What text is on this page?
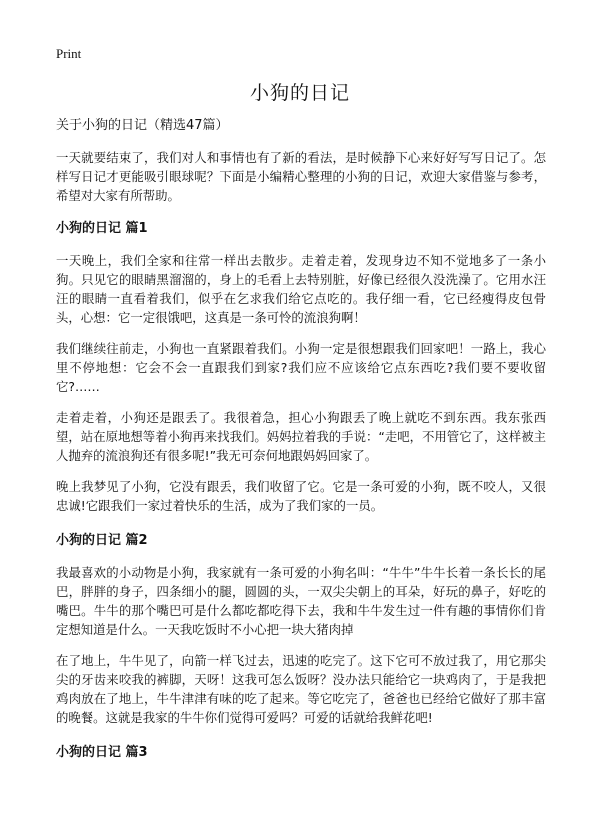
Print
小狗的日记
关于小狗的日记（精选47篇）

一天就要结束了，我们对人和事情也有了新的看法，是时候静下心来好好写写日记了。怎样写日记才更能吸引眼球呢？下面是小编精心整理的小狗的日记，欢迎大家借鉴与参考，希望对大家有所帮助。

小狗的日记 篇1

一天晚上，我们全家和往常一样出去散步。走着走着，发现身边不知不觉地多了一条小狗。只见它的眼睛黑溜溜的，身上的毛看上去特别脏，好像已经很久没洗澡了。它用水汪汪的眼睛一直看着我们，似乎在乞求我们给它点吃的。我仔细一看，它已经瘦得皮包骨头，心想：它一定很饿吧，这真是一条可怜的流浪狗啊！

我们继续往前走，小狗也一直紧跟着我们。小狗一定是很想跟我们回家吧！一路上，我心里不停地想：它会不会一直跟我们到家?我们应不应该给它点东西吃?我们要不要收留它?……

走着走着，小狗还是跟丢了。我很着急，担心小狗跟丢了晚上就吃不到东西。我东张西望，站在原地想等着小狗再来找我们。妈妈拉着我的手说：“走吧，不用管它了，这样被主人抛弃的流浪狗还有很多呢!”我无可奈何地跟妈妈回家了。

晚上我梦见了小狗，它没有跟丢，我们收留了它。它是一条可爱的小狗，既不咬人，又很忠诚!它跟我们一家过着快乐的生活，成为了我们家的一员。

小狗的日记 篇2

我最喜欢的小动物是小狗，我家就有一条可爱的小狗名叫：“牛牛”牛牛长着一条长长的尾巴，胖胖的身子，四条细小的腿，圆圆的头，一双尖尖朝上的耳朵，好玩的鼻子，好吃的嘴巴。牛牛的那个嘴巴可是什么都吃都吃得下去，我和牛牛发生过一件有趣的事情你们肯定想知道是什么。一天我吃饭时不小心把一块大猪肉掉

在了地上，牛牛见了，向箭一样飞过去，迅速的吃完了。这下它可不放过我了，用它那尖尖的牙齿来咬我的裤脚，天呀！这我可怎么饭呀？没办法只能给它一块鸡肉了，于是我把鸡肉放在了地上，牛牛津津有味的吃了起来。等它吃完了，爸爸也已经给它做好了那丰富的晚餐。这就是我家的牛牛你们觉得可爱吗？可爱的话就给我鲜花吧!

小狗的日记 篇3
